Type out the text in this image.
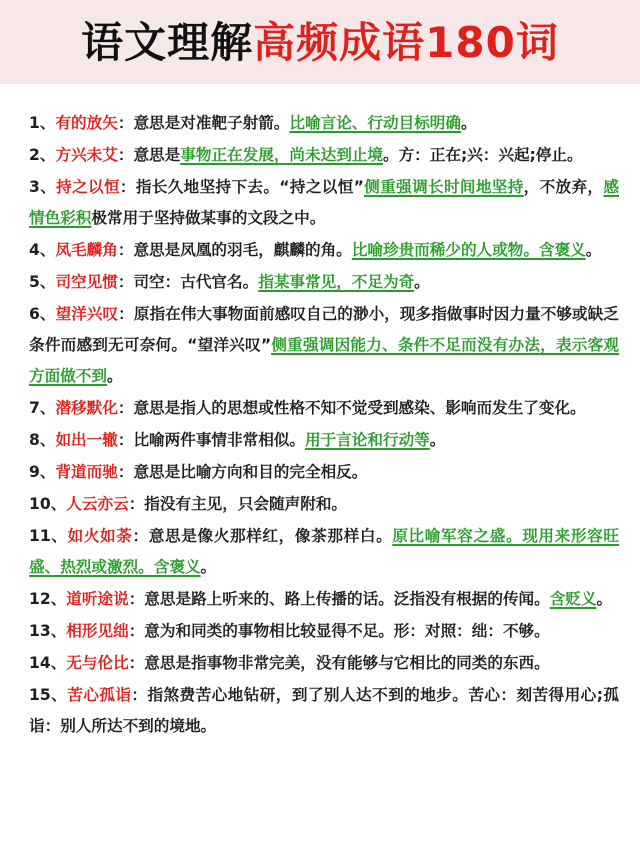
语文理解高频成语180词
1、有的放矢：意思是对准靶子射箭。比喻言论、行动目标明确。
2、方兴未艾：意思是事物正在发展，尚未达到止境。方：正在;兴：兴起;停止。
3、持之以恒：指长久地坚持下去。“持之以恒”侧重强调长时间地坚持，不放弃，感情色彩积极常用于坚持做某事的文段之中。
4、凤毛麟角：意思是凤凰的羽毛，麒麟的角。比喻珍贵而稀少的人或物。含褒义。
5、司空见惯：司空：古代官名。指某事常见，不足为奇。
6、望洋兴叹：原指在伟大事物面前感叹自己的渺小，现多指做事时因力量不够或缺乏条件而感到无可奈何。“望洋兴叹”侧重强调因能力、条件不足而没有办法，表示客观方面做不到。
7、潜移默化：意思是指人的思想或性格不知不觉受到感染、影响而发生了变化。
8、如出一辙：比喻两件事情非常相似。用于言论和行动等。
9、背道而驰：意思是比喻方向和目的完全相反。
10、人云亦云：指没有主见，只会随声附和。
11、如火如荼：意思是像火那样红，像茶那样白。原比喻军容之盛。现用来形容旺盛、热烈或激烈。含褒义。
12、道听途说：意思是路上听来的、路上传播的话。泛指没有根据的传闻。含贬义。
13、相形见绌：意为和同类的事物相比较显得不足。形：对照：绌：不够。
14、无与伦比：意思是指事物非常完美，没有能够与它相比的同类的东西。
15、苦心孤诣：指煞费苦心地钻研，到了别人达不到的地步。苦心：刻苦得用心;孤诣：别人所达不到的境地。
